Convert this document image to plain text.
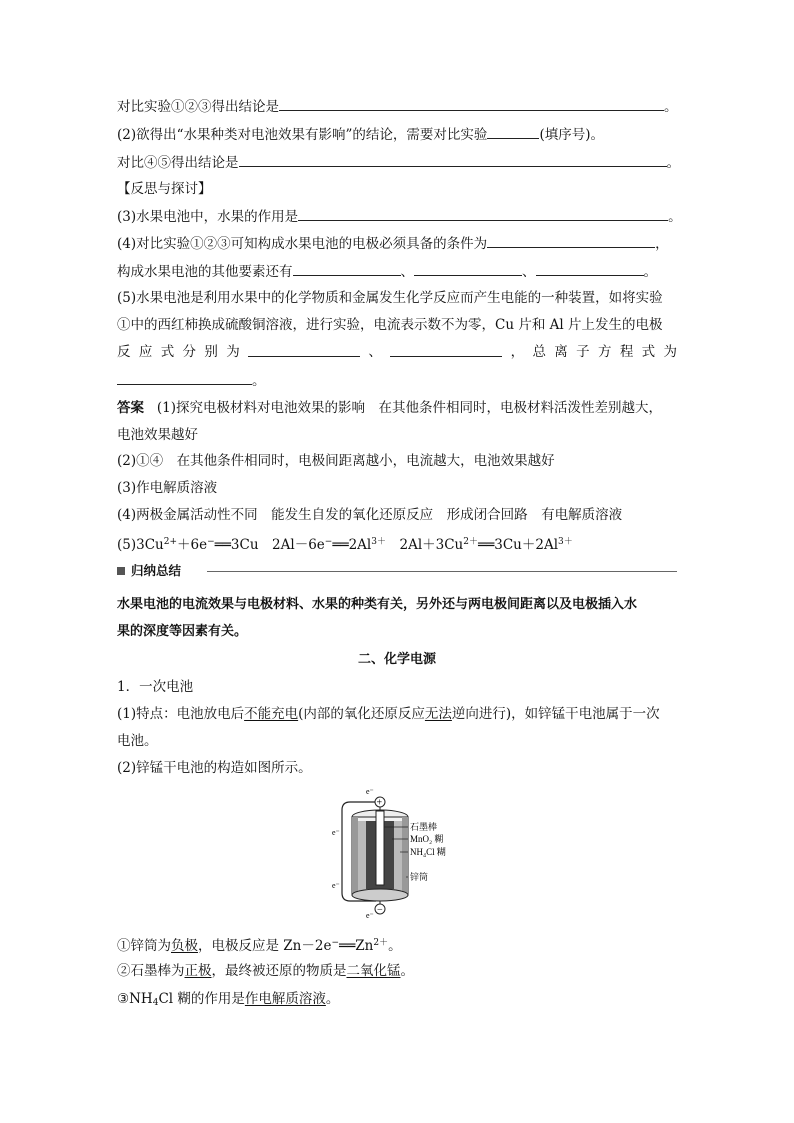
对比实验①②③得出结论是	。
(2)欲得出“水果种类对电池效果有影响”的结论，需要对比实验	(填序号)。
对比④⑤得出结论是	。
【反思与探讨】
(3)水果电池中，水果的作用是	。
(4)对比实验①②③可知构成水果电池的电极必须具备的条件为	，
构成水果电池的其他要素还有	、	、	。
(5)水果电池是利用水果中的化学物质和金属发生化学反应而产生电能的一种装置，如将实验
①中的西红柿换成硫酸铜溶液，进行实验，电流表示数不为零，Cu 片和 Al 片上发生的电极
反 应 式 分 别 为	、	， 总 离 子 方 程 式 为
。
答案 (1)探究电极材料对电池效果的影响　在其他条件相同时，电极材料活泼性差别越大，
电池效果越好
(2)①④　在其他条件相同时，电极间距离越小，电流越大，电池效果越好
(3)作电解质溶液
(4)两极金属活动性不同　能发生自发的氧化还原反应　形成闭合回路　有电解质溶液
$(5)3Cu^{2+}+6e^-══3Cu$　$2Al-6e^-══2Al^{3+}$　$2Al+3Cu^{2+}══3Cu+2Al^{3+}$
归纳总结
水果电池的电流效果与电极材料、水果的种类有关，另外还与两电极间距离以及电极插入水
果的深度等因素有关。
二、化学电源
1．一次电池
(1)特点：电池放电后不能充电(内部的氧化还原反应无法逆向进行)，如锌锰干电池属于一次
电池。
(2)锌锰干电池的构造如图所示。
e⁻
e⁻
e⁻
e⁻
+
−
石墨棒
MnO₂ 糊
NH₄Cl 糊
锌筒
①锌筒为负极，电极反应是 $Zn-2e^-══Zn^{2+}$。
②石墨棒为正极，最终被还原的物质是二氧化锰。
$③NH_4Cl$ 糊的作用是作电解质溶液。
